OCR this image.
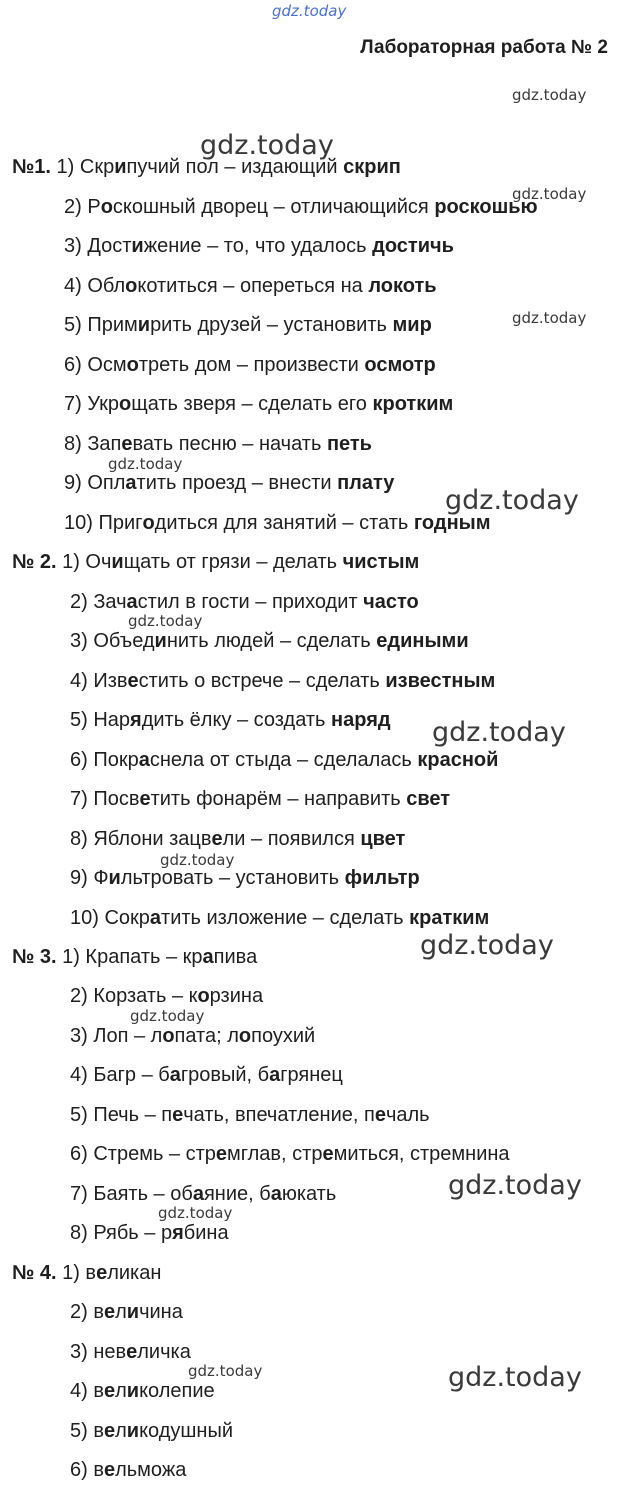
gdz.today
gdz.today
gdz.today
gdz.today
gdz.today
gdz.today
gdz.today
gdz.today
gdz.today
gdz.today
gdz.today
gdz.today
gdz.today
gdz.today
gdz.today	gdz.today
Лабораторная работа № 2
№1. 1) Скрипучий пол – издающий скрип
2) Роскошный дворец – отличающийся роскошью
3) Достижение – то, что удалось достичь
4) Облокотиться – опереться на локоть
5) Примирить друзей – установить мир
6) Осмотреть дом – произвести осмотр
7) Укрощать зверя – сделать его кротким
8) Запевать песню – начать петь
9) Оплатить проезд – внести плату
10) Пригодиться для занятий – стать годным
№ 2. 1) Очищать от грязи – делать чистым
2) Зачастил в гости – приходит часто
3) Объединить людей – сделать едиными
4) Известить о встрече – сделать известным
5) Нарядить ёлку – создать наряд
6) Покраснела от стыда – сделалась красной
7) Посветить фонарём – направить свет
8) Яблони зацвели – появился цвет
9) Фильтровать – установить фильтр
10) Сократить изложение – сделать кратким
№ 3. 1) Крапать – крапива
2) Корзать – корзина
3) Лоп – лопата; лопоухий
4) Багр – багровый, багрянец
5) Печь – печать, впечатление, печаль
6) Стремь – стремглав, стремиться, стремнина
7) Баять – обаяние, баюкать
8) Рябь – рябина
№ 4. 1) великан
2) величина
3) невеличка
4) великолепие
5) великодушный
6) вельможа
